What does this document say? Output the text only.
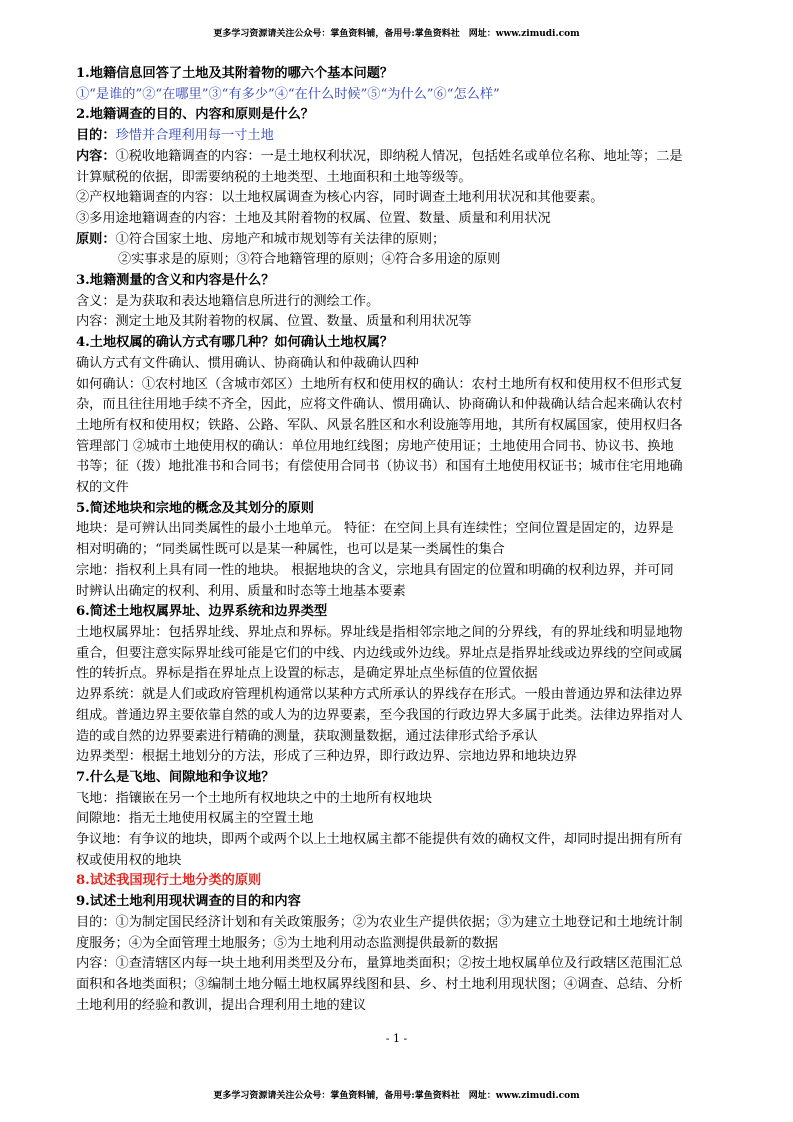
更多学习资源请关注公众号：掌鱼资料铺，备用号:掌鱼资料社　网址：www.zimudi.com
1.地籍信息回答了土地及其附着物的哪六个基本问题？
①“是谁的”②“在哪里”③“有多少”④“在什么时候”⑤“为什么”⑥“怎么样”
2.地籍调查的目的、内容和原则是什么？
目的：珍惜并合理利用每一寸土地
内容：①税收地籍调查的内容：一是土地权利状况，即纳税人情况，包括姓名或单位名称、地址等；二是
计算赋税的依据，即需要纳税的土地类型、土地面积和土地等级等。
②产权地籍调查的内容：以土地权属调查为核心内容，同时调查土地利用状况和其他要素。
③多用途地籍调查的内容：土地及其附着物的权属、位置、数量、质量和利用状况
原则：①符合国家土地、房地产和城市规划等有关法律的原则；
②实事求是的原则；③符合地籍管理的原则；④符合多用途的原则
3.地籍测量的含义和内容是什么？
含义：是为获取和表达地籍信息所进行的测绘工作。
内容：测定土地及其附着物的权属、位置、数量、质量和利用状况等
4.土地权属的确认方式有哪几种？如何确认土地权属？
确认方式有文件确认、惯用确认、协商确认和仲裁确认四种
如何确认：①农村地区（含城市郊区）土地所有权和使用权的确认：农村土地所有权和使用权不但形式复
杂，而且往往用地手续不齐全，因此，应将文件确认、惯用确认、协商确认和仲裁确认结合起来确认农村
土地所有权和使用权；铁路、公路、军队、风景名胜区和水利设施等用地，其所有权属国家，使用权归各
管理部门 ②城市土地使用权的确认：单位用地红线图；房地产使用证；土地使用合同书、协议书、换地
书等；征（拨）地批准书和合同书；有偿使用合同书（协议书）和国有土地使用权证书；城市住宅用地确
权的文件
5.简述地块和宗地的概念及其划分的原则
地块：是可辨认出同类属性的最小土地单元。 特征：在空间上具有连续性；空间位置是固定的，边界是
相对明确的；“同类属性既可以是某一种属性，也可以是某一类属性的集合
宗地：指权利上具有同一性的地块。 根据地块的含义，宗地具有固定的位置和明确的权利边界，并可同
时辨认出确定的权利、利用、质量和时态等土地基本要素
6.简述土地权属界址、边界系统和边界类型
土地权属界址：包括界址线、界址点和界标。界址线是指相邻宗地之间的分界线，有的界址线和明显地物
重合，但要注意实际界址线可能是它们的中线、内边线或外边线。界址点是指界址线或边界线的空间或属
性的转折点。界标是指在界址点上设置的标志，是确定界址点坐标值的位置依据
边界系统：就是人们或政府管理机构通常以某种方式所承认的界线存在形式。一般由普通边界和法律边界
组成。普通边界主要依靠自然的或人为的边界要素，至今我国的行政边界大多属于此类。法律边界指对人
造的或自然的边界要素进行精确的测量，获取测量数据，通过法律形式给予承认
边界类型：根据土地划分的方法，形成了三种边界，即行政边界、宗地边界和地块边界
7.什么是飞地、间隙地和争议地？
飞地：指镶嵌在另一个土地所有权地块之中的土地所有权地块
间隙地：指无土地使用权属主的空置土地
争议地：有争议的地块，即两个或两个以上土地权属主都不能提供有效的确权文件，却同时提出拥有所有
权或使用权的地块
8.试述我国现行土地分类的原则
9.试述土地利用现状调查的目的和内容
目的：①为制定国民经济计划和有关政策服务；②为农业生产提供依据；③为建立土地登记和土地统计制
度服务；④为全面管理土地服务；⑤为土地利用动态监测提供最新的数据
内容：①查清辖区内每一块土地利用类型及分布，量算地类面积；②按土地权属单位及行政辖区范围汇总
面积和各地类面积；③编制土地分幅土地权属界线图和县、乡、村土地利用现状图；④调查、总结、分析
土地利用的经验和教训，提出合理利用土地的建议
- 1 -
更多学习资源请关注公众号：掌鱼资料铺，备用号:掌鱼资料社　网址：www.zimudi.com
